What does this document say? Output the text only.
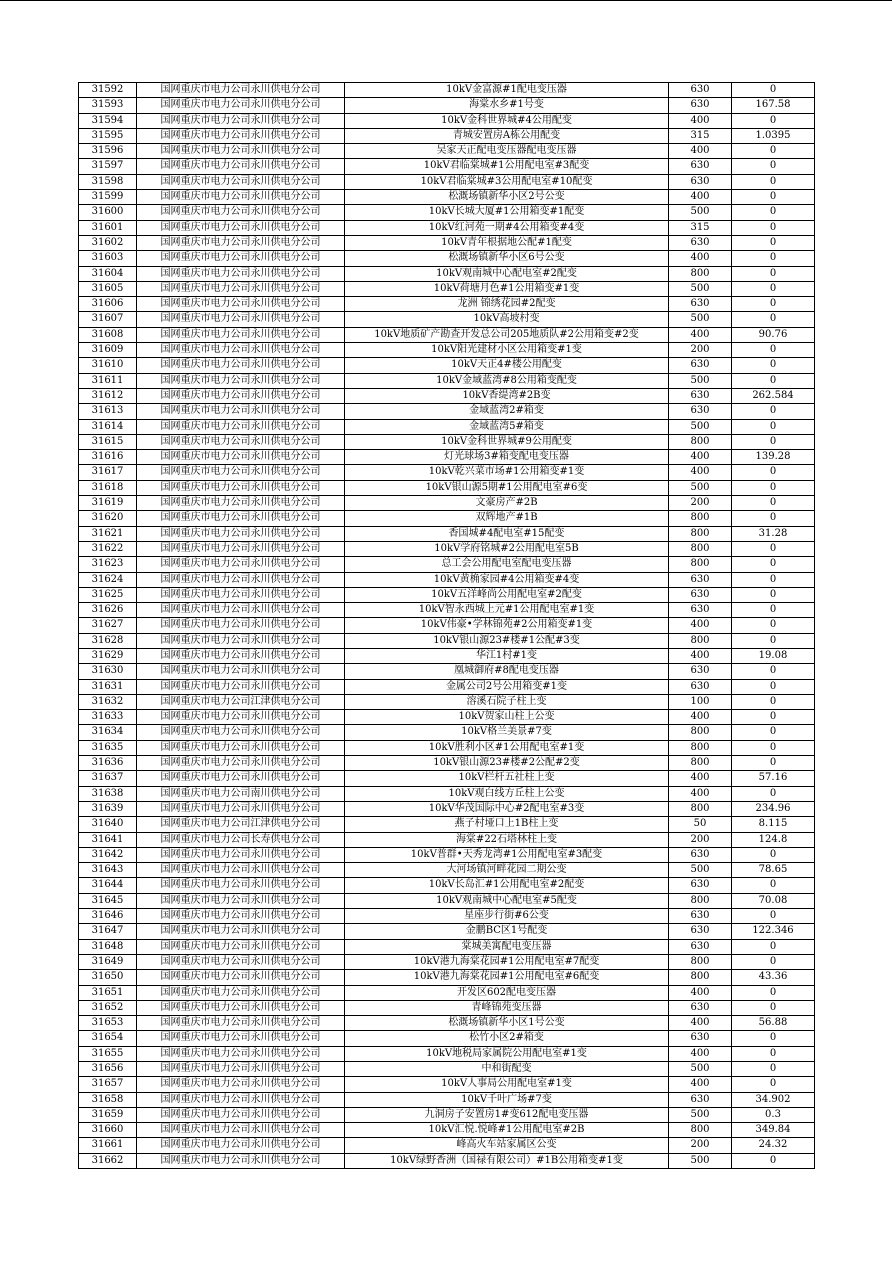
31592	国网重庆市电力公司永川供电分公司	10kV金富源#1配电变压器	630	0
31593	国网重庆市电力公司永川供电分公司	海棠水乡#1号变	630	167.58
31594	国网重庆市电力公司永川供电分公司	10kV金科世界城#4公用配变	400	0
31595	国网重庆市电力公司永川供电分公司	青城安置房A栋公用配变	315	1.0395
31596	国网重庆市电力公司永川供电分公司	吴家天正配电变压器配电变压器	400	0
31597	国网重庆市电力公司永川供电分公司	10kV君临棠城#1公用配电室#3配变	630	0
31598	国网重庆市电力公司永川供电分公司	10kV君临棠城#3公用配电室#10配变	630	0
31599	国网重庆市电力公司永川供电分公司	松溉场镇新华小区2号公变	400	0
31600	国网重庆市电力公司永川供电分公司	10kV长城大厦#1公用箱变#1配变	500	0
31601	国网重庆市电力公司永川供电分公司	10kV红河苑一期#4公用箱变#4变	315	0
31602	国网重庆市电力公司永川供电分公司	10kV青年根据地公配#1配变	630	0
31603	国网重庆市电力公司永川供电分公司	松溉场镇新华小区6号公变	400	0
31604	国网重庆市电力公司永川供电分公司	10kV观南城中心配电室#2配变	800	0
31605	国网重庆市电力公司永川供电分公司	10kV荷塘月色#1公用箱变#1变	500	0
31606	国网重庆市电力公司永川供电分公司	龙洲 锦绣花园#2配变	630	0
31607	国网重庆市电力公司永川供电分公司	10kV高坡村变	500	0
31608	国网重庆市电力公司永川供电分公司	10kV地质矿产勘查开发总公司205地质队#2公用箱变#2变	400	90.76
31609	国网重庆市电力公司永川供电分公司	10kV阳光建材小区公用箱变#1变	200	0
31610	国网重庆市电力公司永川供电分公司	10kV天正4#楼公用配变	630	0
31611	国网重庆市电力公司永川供电分公司	10kV金域蓝湾#8公用箱变配变	500	0
31612	国网重庆市电力公司永川供电分公司	10kV香缇湾#2B变	630	262.584
31613	国网重庆市电力公司永川供电分公司	金域蓝湾2#箱变	630	0
31614	国网重庆市电力公司永川供电分公司	金域蓝湾5#箱变	500	0
31615	国网重庆市电力公司永川供电分公司	10kV金科世界城#9公用配变	800	0
31616	国网重庆市电力公司永川供电分公司	灯光球场3#箱变配电变压器	400	139.28
31617	国网重庆市电力公司永川供电分公司	10kV乾兴菜市场#1公用箱变#1变	400	0
31618	国网重庆市电力公司永川供电分公司	10kV银山源5期#1公用配电室#6变	500	0
31619	国网重庆市电力公司永川供电分公司	文豪房产#2B	200	0
31620	国网重庆市电力公司永川供电分公司	双辉地产#1B	800	0
31621	国网重庆市电力公司永川供电分公司	香国城#4配电室#15配变	800	31.28
31622	国网重庆市电力公司永川供电分公司	10kV学府铭城#2公用配电室5B	800	0
31623	国网重庆市电力公司永川供电分公司	总工会公用配电室配电变压器	800	0
31624	国网重庆市电力公司永川供电分公司	10kV黄桷家园#4公用箱变#4变	630	0
31625	国网重庆市电力公司永川供电分公司	10kV五洋峰尚公用配电室#2配变	630	0
31626	国网重庆市电力公司永川供电分公司	10kV智永西城上元#1公用配电室#1变	630	0
31627	国网重庆市电力公司永川供电分公司	10kV伟豪•学林锦苑#2公用箱变#1变	400	0
31628	国网重庆市电力公司永川供电分公司	10kV银山源23#楼#1公配#3变	800	0
31629	国网重庆市电力公司永川供电分公司	华江1村#1变	400	19.08
31630	国网重庆市电力公司永川供电分公司	凰城御府#8配电变压器	630	0
31631	国网重庆市电力公司永川供电分公司	金属公司2号公用箱变#1变	630	0
31632	国网重庆市电力公司江津供电分公司	溶溪石院子柱上变	100	0
31633	国网重庆市电力公司永川供电分公司	10kV贺家山柱上公变	400	0
31634	国网重庆市电力公司永川供电分公司	10kV格兰美景#7变	800	0
31635	国网重庆市电力公司永川供电分公司	10kV胜利小区#1公用配电室#1变	800	0
31636	国网重庆市电力公司永川供电分公司	10kV银山源23#楼#2公配#2变	800	0
31637	国网重庆市电力公司永川供电分公司	10kV栏杆五社柱上变	400	57.16
31638	国网重庆市电力公司南川供电分公司	10kV观白线方丘柱上公变	400	0
31639	国网重庆市电力公司永川供电分公司	10kV华茂国际中心#2配电室#3变	800	234.96
31640	国网重庆市电力公司江津供电分公司	燕子村垭口上1B柱上变	50	8.115
31641	国网重庆市电力公司长寿供电分公司	海棠#22石塔林柱上变	200	124.8
31642	国网重庆市电力公司永川供电分公司	10kV普群•天秀龙湾#1公用配电室#3配变	630	0
31643	国网重庆市电力公司永川供电分公司	大河场镇河畔花园二期公变	500	78.65
31644	国网重庆市电力公司永川供电分公司	10kV长岛汇#1公用配电室#2配变	630	0
31645	国网重庆市电力公司永川供电分公司	10kV观南城中心配电室#5配变	800	70.08
31646	国网重庆市电力公司永川供电分公司	星座步行街#6公变	630	0
31647	国网重庆市电力公司永川供电分公司	金鹏BC区1号配变	630	122.346
31648	国网重庆市电力公司永川供电分公司	棠城美寓配电变压器	630	0
31649	国网重庆市电力公司永川供电分公司	10kV港九海棠花园#1公用配电室#7配变	800	0
31650	国网重庆市电力公司永川供电分公司	10kV港九海棠花园#1公用配电室#6配变	800	43.36
31651	国网重庆市电力公司永川供电分公司	开发区602配电变压器	400	0
31652	国网重庆市电力公司永川供电分公司	青峰锦苑变压器	630	0
31653	国网重庆市电力公司永川供电分公司	松溉场镇新华小区1号公变	400	56.88
31654	国网重庆市电力公司永川供电分公司	松竹小区2#箱变	630	0
31655	国网重庆市电力公司永川供电分公司	10kV地税局家属院公用配电室#1变	400	0
31656	国网重庆市电力公司永川供电分公司	中和街配变	500	0
31657	国网重庆市电力公司永川供电分公司	10kV人事局公用配电室#1变	400	0
31658	国网重庆市电力公司永川供电分公司	10kV千叶广场#7变	630	34.902
31659	国网重庆市电力公司永川供电分公司	九洞房子安置房1#变612配电变压器	500	0.3
31660	国网重庆市电力公司永川供电分公司	10kV汇悦.悦峰#1公用配电室#2B	800	349.84
31661	国网重庆市电力公司永川供电分公司	峰高火车站家属区公变	200	24.32
31662	国网重庆市电力公司永川供电分公司	10kV绿野香洲（国禄有限公司）#1B公用箱变#1变	500	0
